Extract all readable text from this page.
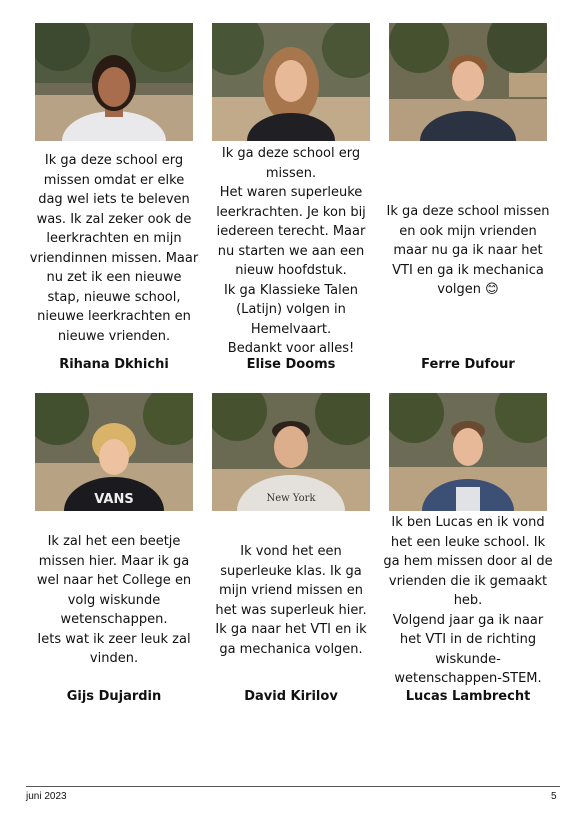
Ik ga deze school erg
missen omdat er elke
dag wel iets te beleven
was. Ik zal zeker ook de
leerkrachten en mijn
vriendinnen missen. Maar
nu zet ik een nieuwe
stap, nieuwe school,
nieuwe leerkrachten en
nieuwe vrienden.
Ik ga deze school erg
missen.
Het waren superleuke
leerkrachten. Je kon bij
iedereen terecht. Maar
nu starten we aan een
nieuw hoofdstuk.
Ik ga Klassieke Talen
(Latijn) volgen in
Hemelvaart.
Bedankt voor alles!
Ik ga deze school missen
en ook mijn vrienden
maar nu ga ik naar het
VTI en ga ik mechanica
volgen 😊
Rihana Dkhichi	Elise Dooms	Ferre Dufour
VANS	New York
Ik zal het een beetje
missen hier. Maar ik ga
wel naar het College en
volg wiskunde
wetenschappen.
Iets wat ik zeer leuk zal
vinden.
Ik vond het een
superleuke klas. Ik ga
mijn vriend missen en
het was superleuk hier.
Ik ga naar het VTI en ik
ga mechanica volgen.
Ik ben Lucas en ik vond
het een leuke school. Ik
ga hem missen door al de
vrienden die ik gemaakt
heb.
Volgend jaar ga ik naar
het VTI in de richting
wiskunde-
wetenschappen-STEM.
Gijs Dujardin	David Kirilov	Lucas Lambrecht
juni 2023	5
